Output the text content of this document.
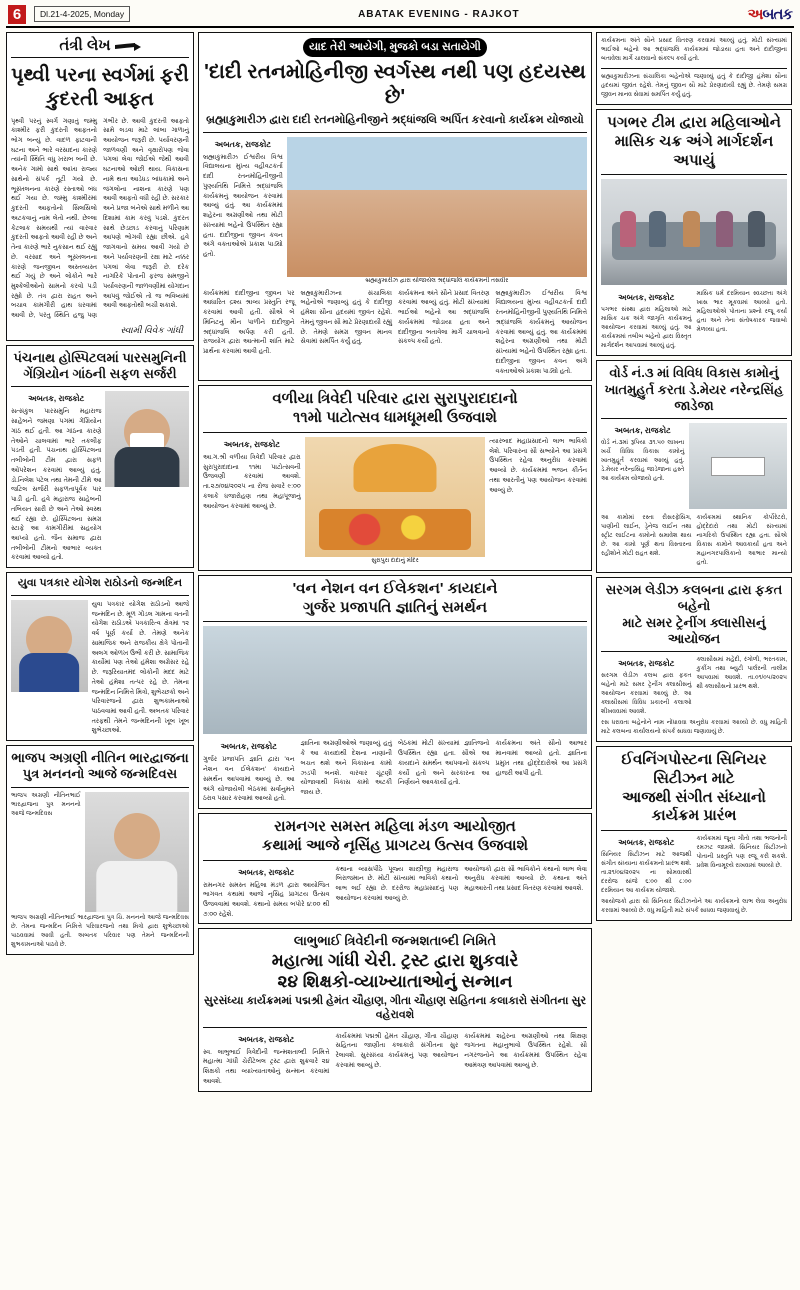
6	Dl.21-4-2025, Monday	ABATAK EVENING - RAJKOT	અબતક
તંત્રી લેખ
પૃથ્વી પરના સ્વર્ગમાં ફરી કુદરતી આફત
પૃથ્વી પરનું સ્વર્ગ ગણાતું જમ્મુ કાશ્મીર ફરી કુદરતી આફતનો ભોગ બન્યું છે. વાદળ ફાટવાની ઘટના અને ભારે વરસાદના કારણે ત્યાંની સ્થિતિ વધુ ખરાબ બની છે. અનેક ગામો સાથે આખા રાજ્ય સાથેનો સંપર્ક તૂટી ગયો છે. ભૂસ્ખલનના કારણે રસ્તાઓ બંધ થઈ ગયા છે. જમ્મુ કાશ્મીરમાં કુદરતી આફતોનો સિલસિલો અટકવાનું નામ લેતો નથી. છેલ્લા કેટલાક સમયથી ત્યાં વારંવાર કુદરતી આફતો આવી રહી છે અને તેના કારણે ભારે નુકસાન થઈ રહ્યું છે. વરસાદ અને ભૂસ્ખલનના કારણે જનજીવન અસ્તવ્યસ્ત થઈ ગયું છે અને લોકોને ભારે મુશ્કેલીઓનો સામનો કરવો પડી રહ્યો છે. તંત્ર દ્વારા રાહત અને બચાવ કામગીરી હાથ ધરવામાં આવી છે, પરંતુ સ્થિતિ હજુ પણ ગંભીર છે. આવી કુદરતી આફતો સામે લડવા માટે લાંબા ગાળાનું આયોજન જરૂરી છે. પર્યાવરણની જાળવણી અને વૃક્ષારોપણ જેવા પગલાં લેવા જોઈએ જેથી આવી ઘટનાઓ ઓછી થાય. વિકાસના નામે થતા આડેધડ બાંધકામો અને જંગલોના નાશના કારણે પણ આવી આફતો વધી રહી છે. સરકાર અને પ્રજા બંનેએ સાથે મળીને આ દિશામાં કામ કરવું પડશે. કુદરત સાથે છેડછાડ કરવાનું પરિણામ આપણે ભોગવી રહ્યા છીએ. હવે જાગવાનો સમય આવી ગયો છે અને પર્યાવરણની રક્ષા માટે નક્કર પગલાં લેવા જરૂરી છે. દરેક નાગરિકે પોતાની ફરજ સમજીને પર્યાવરણની જાળવણીમાં યોગદાન આપવું જોઈએ તો જ ભવિષ્યમાં આવી આફતોથી બચી શકાશે.
સ્વામી વિવેક ગાંધી
પંચનાથ હોસ્પિટલમાં પારસમુનિની ગેંગ્રિયોન ગાંઠની સફળ સર્જરી
અબતક, રાજકોટ
સત્સંકુલ પારસમુનિ મહારાજ સાહેબને જમણા પગમાં ગેંગ્રિયોન ગાંઠ થઈ હતી. આ ગાંઠના કારણે તેઓને ચાલવામાં ભારે તકલીફ પડતી હતી. પંચનાથ હોસ્પિટલના તબીબોની ટીમ દ્વારા સફળ ઓપરેશન કરવામાં આવ્યું હતું. ડો.નિલેશ પટેલ તથા તેમની ટીમે આ જટિલ સર્જરી સફળતાપૂર્વક પાર પાડી હતી. હવે મહારાજ સાહેબની તબિયત સારી છે અને તેઓ સ્વસ્થ થઈ રહ્યા છે. હોસ્પિટલના સમગ્ર સ્ટાફે આ કામગીરીમાં સહયોગ આપ્યો હતો. જૈન સમાજ દ્વારા તબીબોની ટીમનો આભાર વ્યક્ત કરવામાં આવ્યો હતો.
યુવા પત્રકાર યોગેશ રાઠોડનો જન્મદિન
યુવા પત્રકાર યોગેશ રાઠોડનો આજે જન્મદિન છે. મૂળ ગોંડલ ગામના વતની યોગેશ રાઠોડએ પત્રકારિત્વ ક્ષેત્રમાં ૧૨ વર્ષ પૂર્ણ કર્યા છે. તેમણે અનેક સામાજિક અને રાજકીય ક્ષેત્રે પોતાની અલગ ઓળખ ઉભી કરી છે. સામાજિક કાર્યોમાં પણ તેઓ હંમેશા અગ્રેસર રહે છે. જરૂરિયાતમંદ લોકોની મદદ માટે તેઓ હંમેશા તત્પર રહે છે. તેમના જન્મદિન નિમિત્તે મિત્રો, શુભેચ્છકો અને પરિવારજનો દ્વારા શુભકામનાઓ પાઠવવામાં આવી હતી. અબતક પરિવાર તરફથી તેમને જન્મદિનની ખૂબ ખૂબ શુભેચ્છાઓ.
ભાજપ અગ્રણી નીતિન ભારદ્વાજના
પુત્ર મનનનો આજે જન્મદિવસ
ભાજપ અગ્રણી નીતિનભાઈ ભારદ્વાજના પુત્ર મનનનો આજે જન્મદિવસ
ભાજપ અગ્રણી નીતિનભાઈ ભારદ્વાજના પુત્ર ચિ. મનનનો આજે જન્મદિવસ છે. તેમના જન્મદિન નિમિત્તે પરિવારજનો તથા મિત્રો દ્વારા શુભેચ્છાઓ પાઠવવામાં આવી હતી. અબતક પરિવાર પણ તેમને જન્મદિનની શુભકામનાઓ પાઠવે છે.
યાદ તેરી આયેગી, મુજકો બડા સતાયેગી
'દાદી રતનમોહિનીજી સ્વર્ગસ્થ નથી પણ હદયસ્થ છે'
બ્રહ્માકુમારીઝ દ્વારા દાદી રતનમોહિનીજીને શ્રદ્ધાંજલિ અર્પિત કરવાનો કાર્યક્રમ યોજાયો
અબતક, રાજકોટ
બ્રહ્માકુમારીઝ ઈશ્વરીય વિશ્વ વિદ્યાલયના મુખ્ય વહીવટકર્તા દાદી રતનમોહિનીજીની પુણ્યતિથિ નિમિત્તે શ્રદ્ધાંજલિ કાર્યક્રમનું આયોજન કરવામાં આવ્યું હતું. આ કાર્યક્રમમાં શહેરના અગ્રણીઓ તથા મોટી સંખ્યામાં બહેનો ઉપસ્થિત રહ્યા હતા. દાદીજીના જીવન કવન અંગે વક્તાઓએ પ્રકાશ પાડ્યો હતો.
બ્રહ્માકુમારીઝ દ્વારા યોજાયેલ શ્રદ્ધાંજલિ કાર્યક્રમની તસવીર
કાર્યક્રમમાં દાદીજીના જીવન પર આધારિત દ્રશ્ય શ્રાવ્ય પ્રસ્તુતિ રજૂ કરવામાં આવી હતી. સૌએ બે મિનિટનું મૌન પાળીને દાદીજીને શ્રદ્ધાંજલિ અર્પણ કરી હતી. રાજયોગ દ્વારા આત્માની શાંતિ માટે પ્રાર્થના કરવામાં આવી હતી.
બ્રહ્માકુમારીઝના સંચાલિકા બહેનોએ જણાવ્યું હતું કે દાદીજી હંમેશા સૌના હૃદયમાં જીવંત રહેશે. તેમનું જીવન સૌ માટે પ્રેરણાદાયી રહ્યું છે. તેમણે સમગ્ર જીવન માનવ સેવામાં સમર્પિત કર્યું હતું.
કાર્યક્રમના અંતે સૌને પ્રસાદ વિતરણ કરવામાં આવ્યું હતું. મોટી સંખ્યામાં ભાઈઓ બહેનો આ શ્રદ્ધાંજલિ કાર્યક્રમમાં જોડાયા હતા અને દાદીજીના બતાવેલા માર્ગે ચાલવાનો સંકલ્પ કર્યો હતો.
બ્રહ્માકુમારીઝ ઈશ્વરીય વિશ્વ વિદ્યાલયના મુખ્ય વહીવટકર્તા દાદી રતનમોહિનીજીની પુણ્યતિથિ નિમિત્તે શ્રદ્ધાંજલિ કાર્યક્રમનું આયોજન કરવામાં આવ્યું હતું. આ કાર્યક્રમમાં શહેરના અગ્રણીઓ તથા મોટી સંખ્યામાં બહેનો ઉપસ્થિત રહ્યા હતા. દાદીજીના જીવન કવન અંગે વક્તાઓએ પ્રકાશ પાડ્યો હતો.
વળીયા ત્રિવેદી પરિવાર દ્વારા સુરાપુરાદાદાનો
૧૧મો પાટોત્સવ ધામધૂમથી ઉજવાશે
અબતક, રાજકોટ
આ.ગ.શ્રી વળીયા ત્રિવેદી પરિવાર દ્વારા સુરાપુરાદાદાના ૧૧મા પાટોત્સવની ઉજવણી કરવામાં આવશે. તા.૨૭/૦૪/૨૦૨૫ ના રોજ સવારે ૯:૦૦ કલાકે ધજારોહણ તથા મહાપૂજાનું આયોજન કરવામાં આવ્યું છે.
સુરાપુરા દાદાનું મંદિર
ત્યારબાદ મહાપ્રસાદનો લાભ ભાવિકો લેશે. પરિવારના સૌ સભ્યોને આ પ્રસંગે ઉપસ્થિત રહેવા અનુરોધ કરવામાં આવ્યો છે. કાર્યક્રમમાં ભજન કીર્તન તથા આરતીનું પણ આયોજન કરવામાં આવ્યું છે.
'વન નેશન વન ઈલેકશન' કાયદાને
ગુર્જર પ્રજાપતિ જ્ઞાતિનું સમર્થન
અબતક, રાજકોટ
ગુર્જર પ્રજાપતિ જ્ઞાતિ દ્વારા 'વન નેશન વન ઈલેકશન' કાયદાને સમર્થન આપવામાં આવ્યું છે. આ અંગે યોજાયેલી બેઠકમાં સર્વાનુમતે ઠરાવ પસાર કરવામાં આવ્યો હતો.
જ્ઞાતિના અગ્રણીઓએ જણાવ્યું હતું કે આ કાયદાથી દેશના નાણાંની બચત થશે અને વિકાસના કામો ઝડપી બનશે. વારંવાર ચૂંટણી યોજાવાથી વિકાસ કામો અટકી જાય છે.
બેઠકમાં મોટી સંખ્યામાં જ્ઞાતિજનો ઉપસ્થિત રહ્યા હતા. સૌએ આ કાયદાને સમર્થન આપવાનો સંકલ્પ કર્યો હતો અને સરકારના આ નિર્ણયને આવકાર્યો હતો.
કાર્યક્રમના અંતે સૌનો આભાર માનવામાં આવ્યો હતો. જ્ઞાતિના પ્રમુખ તથા હોદ્દેદારોએ આ પ્રસંગે હાજરી આપી હતી.
રામનગર સમસ્ત મહિલા મંડળ આયોજીત
કથામાં આજે નૃસિંહ પ્રાગટય ઉત્સવ ઉજવાશે
અબતક, રાજકોટ
રામનગર સમસ્ત મહિલા મંડળ દ્વારા આયોજિત ભાગવત કથામાં આજે નૃસિંહ પ્રાગટય ઉત્સવ ઉજવવામાં આવશે. કથાનો સમય બપોરે ૪:૦૦ થી ૭:૦૦ રહેશે.
કથાના વ્યાસપીઠે પૂજ્ય શાસ્ત્રીજી મહારાજ બિરાજમાન છે. મોટી સંખ્યામાં ભાવિકો કથાનો લાભ લઈ રહ્યા છે. દરરોજ મહાપ્રસાદનું પણ આયોજન કરવામાં આવ્યું છે.
આયોજકો દ્વારા સૌ ભાવિકોને કથાનો લાભ લેવા અનુરોધ કરવામાં આવ્યો છે. કથાના અંતે મહાઆરતી તથા પ્રસાદ વિતરણ કરવામાં આવશે.
લાભુભાઈ ત્રિવેદીની જન્મશતાબ્દી નિમિતે
મહાત્મા ગાંધી ચેરી. ટ્રસ્ટ દ્વારા શુકવારે
૨૪ શિક્ષકો-વ્યાખ્યાતાઓનું સન્માન
સુરસંધ્યા કાર્યક્રમમાં પદ્મશ્રી હેમંત ચૌહાણ, ગીતા ચૌહાણ સહિતના કલાકારો સંગીતના સુર વહેરાવશે
અબતક, રાજકોટ
સ્વ. લાભુભાઈ ત્રિવેદીની જન્મશતાબ્દી નિમિત્તે મહાત્મા ગાંધી ચેરીટેબલ ટ્રસ્ટ દ્વારા શુક્રવારે ૨૪ શિક્ષકો તથા વ્યાખ્યાતાઓનું સન્માન કરવામાં આવશે.
કાર્યક્રમમાં પદ્મશ્રી હેમંત ચૌહાણ, ગીતા ચૌહાણ સહિતના જાણીતા કલાકારો સંગીતના સુર રેલાવશે. સુરસંધ્યા કાર્યક્રમનું પણ આયોજન કરવામાં આવ્યું છે.
કાર્યક્રમમાં શહેરના અગ્રણીઓ તથા શિક્ષણ જગતના મહાનુભાવો ઉપસ્થિત રહેશે. સૌ નગરજનોને આ કાર્યક્રમમાં ઉપસ્થિત રહેવા આમંત્રણ આપવામાં આવ્યું છે.
કાર્યક્રમના અંતે સૌને પ્રસાદ વિતરણ કરવામાં આવ્યું હતું. મોટી સંખ્યામાં ભાઈઓ બહેનો આ શ્રદ્ધાંજલિ કાર્યક્રમમાં જોડાયા હતા અને દાદીજીના બતાવેલા માર્ગે ચાલવાનો સંકલ્પ કર્યો હતો.
બ્રહ્માકુમારીઝના સંચાલિકા બહેનોએ જણાવ્યું હતું કે દાદીજી હંમેશા સૌના હૃદયમાં જીવંત રહેશે. તેમનું જીવન સૌ માટે પ્રેરણાદાયી રહ્યું છે. તેમણે સમગ્ર જીવન માનવ સેવામાં સમર્પિત કર્યું હતું.
પગભર ટીમ દ્વારા મહિલાઓને
માસિક ચક્ર અંગે માર્ગદર્શન અપાયું
અબતક, રાજકોટ
પગભર સંસ્થા દ્વારા મહિલાઓ માટે માસિક ચક્ર અંગે જાગૃતિ કાર્યક્રમનું આયોજન કરવામાં આવ્યું હતું. આ કાર્યક્રમમાં તબીબ બહેનો દ્વારા વિસ્તૃત માર્ગદર્શન આપવામાં આવ્યું હતું.
માસિક ધર્મ દરમિયાન સ્વચ્છતા અંગે ખાસ ભાર મૂકવામાં આવ્યો હતો. મહિલાઓએ પોતાના પ્રશ્નો રજૂ કર્યા હતા અને તેના સંતોષકારક જવાબો મેળવ્યા હતા.
વોર્ડ નં.૩ માં વિવિધ વિકાસ કામોનું
ખાતમુહુર્ત કરતા ડે.મેયર નરેન્દ્રસિંહ જાડેજા
અબતક, રાજકોટ
વોર્ડ નં.૩માં રૂપિયા ૩૧.૫૦ લાખના ખર્ચે વિવિધ વિકાસ કામોનું ખાતમુહૂર્ત કરવામાં આવ્યું હતું. ડે.મેયર નરેન્દ્રસિંહ જાડેજાના હસ્તે આ કાર્યક્રમ યોજાયો હતો.
આ કામોમાં રસ્તા રીસરફેસિંગ, પાણીની લાઈન, ડ્રેનેજ લાઈન તથા સ્ટ્રીટ લાઈટના કામોનો સમાવેશ થાય છે. આ કામો પૂર્ણ થતા વિસ્તારના રહીશોને મોટી રાહત થશે.
કાર્યક્રમમાં સ્થાનિક કોર્પોરેટરો, હોદ્દેદારો તથા મોટી સંખ્યામાં નાગરિકો ઉપસ્થિત રહ્યા હતા. સૌએ વિકાસ કામોને આવકાર્યા હતા અને મહાનગરપાલિકાનો આભાર માન્યો હતો.
સરગમ લેડીઝ કલબના દ્વારા ફકત બહેનો
માટે સમર ટ્રેનીંગ ક્લાસીસનું આયોજન
અબતક, રાજકોટ
સરગમ લેડીઝ કલબ દ્વારા ફકત બહેનો માટે સમર ટ્રેનીંગ ક્લાસીસનું આયોજન કરવામાં આવ્યું છે. આ ક્લાસીસમાં વિવિધ પ્રકારની કલાઓ શીખવવામાં આવશે.
ક્લાસીસમાં મહેંદી, રંગોળી, ભરતકામ, કુકીંગ તથા બ્યુટી પાર્લરની તાલીમ આપવામાં આવશે. તા.૦૧/૦૫/૨૦૨૫ થી ક્લાસીસનો પ્રારંભ થશે.
રસ ધરાવતા બહેનોને નામ નોંધાવવા અનુરોધ કરવામાં આવ્યો છે. વધુ માહિતી માટે કલબના કાર્યાલયનો સંપર્ક સાધવા જણાવાયું છે.
ઈવનિંગપોસ્ટના સિનિયર સિટીઝન માટે
આજથી સંગીત સંધ્યાનો કાર્યક્રમ પ્રારંભ
અબતક, રાજકોટ
સિનિયર સિટીઝન માટે આજથી સંગીત સંધ્યાના કાર્યક્રમનો પ્રારંભ થશે. તા.૨૧/૦૪/૨૦૨૫ ના સોમવારથી દરરોજ સાંજે ૬:૦૦ થી ૮:૦૦ દરમિયાન આ કાર્યક્રમ યોજાશે.
કાર્યક્રમમાં જૂના ગીતો તથા ભજનોની રમઝટ જામશે. સિનિયર સિટીઝનો પોતાની પ્રસ્તુતિ પણ રજૂ કરી શકશે. પ્રવેશ વિનામૂલ્યે રાખવામાં આવ્યો છે.
આયોજકો દ્વારા સૌ સિનિયર સિટીઝનોને આ કાર્યક્રમનો લાભ લેવા અનુરોધ કરવામાં આવ્યો છે. વધુ માહિતી માટે સંપર્ક સાધવા જણાવાયું છે.
